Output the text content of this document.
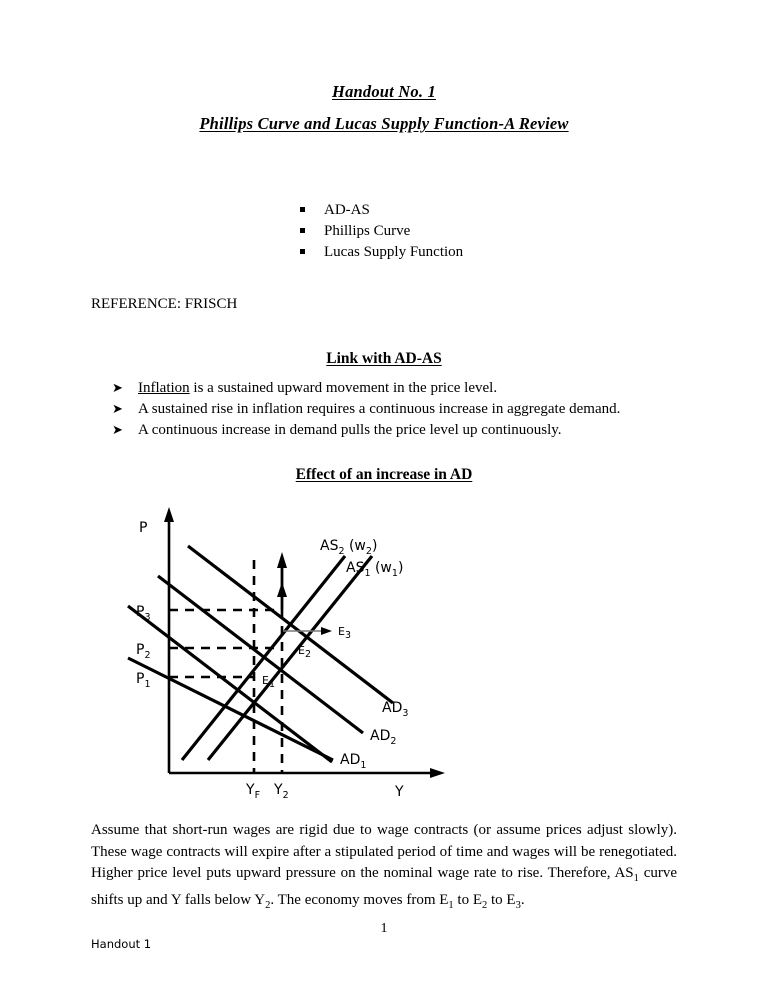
Handout No. 1
Phillips Curve and Lucas Supply Function-A Review
AD-AS
Phillips Curve
Lucas Supply Function
REFERENCE: FRISCH
Link with AD-AS
➤ Inflation is a sustained upward movement in the price level.
➤ A sustained rise in inflation requires a continuous increase in aggregate demand.
➤ A continuous increase in demand pulls the price level up continuously.
Effect of an increase in AD
P
Y
$P_3$
$P_2$
$P_1$
$Y_F$ $Y_2$
$AS_2$ $(w_2)$
$AS_1$ $(w_1)$
$AD_3$
$AD_2$
$AD_1$
E1
E2
E3
Assume that short-run wages are rigid due to wage contracts (or assume prices adjust slowly). These wage contracts will expire after a stipulated period of time and wages will be renegotiated. Higher price level puts upward pressure on the nominal wage rate to rise. Therefore, $AS_1$ curve shifts up and Y falls below $Y_2$. The economy moves from $E_1$ to $E_2$ to $E_3$.
1
Handout 1
